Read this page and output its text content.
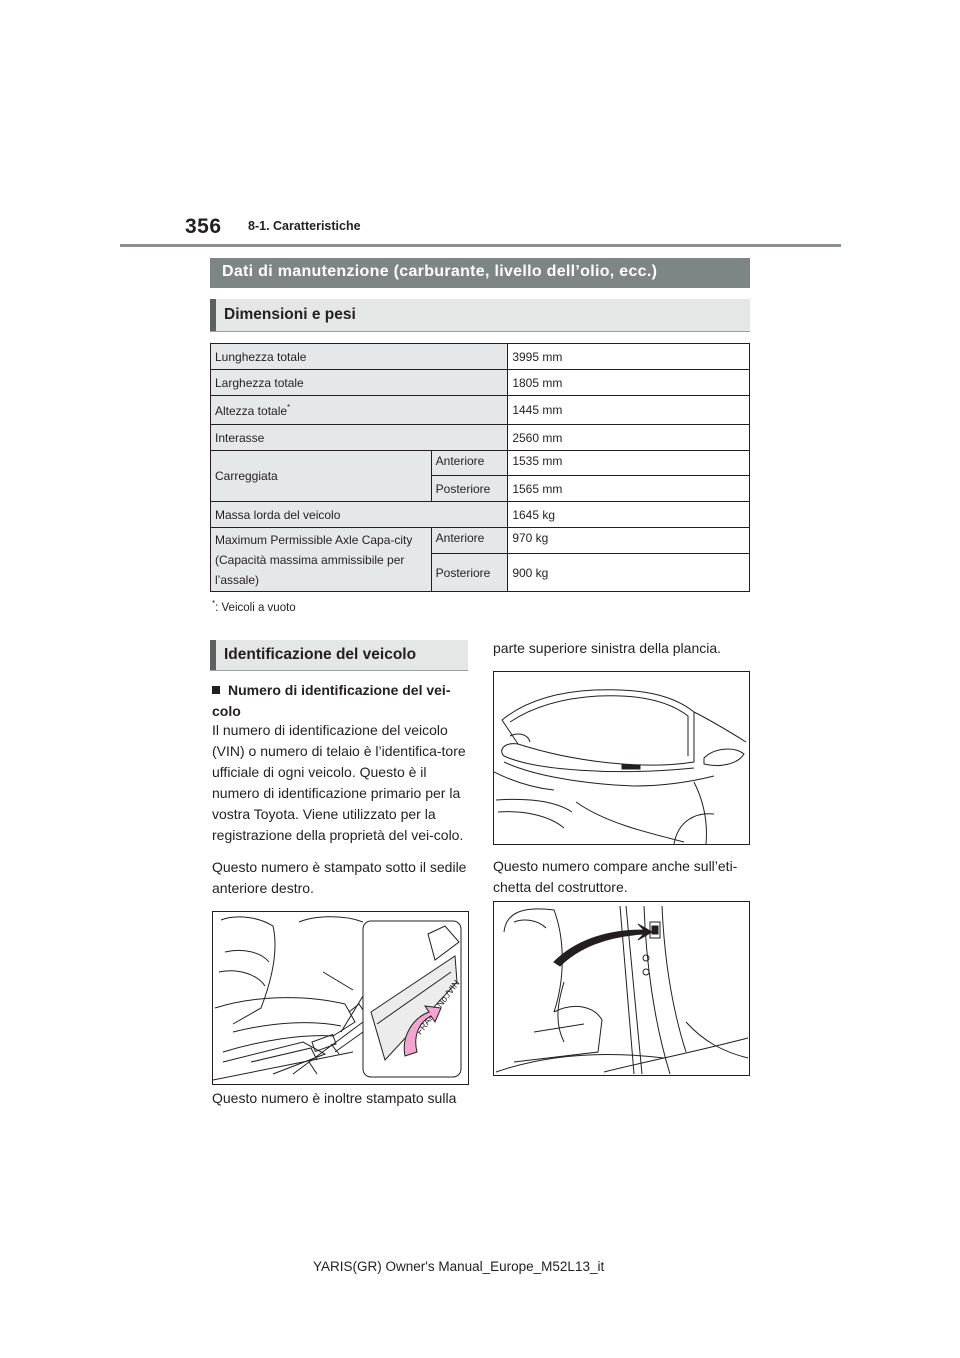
356 8-1. Caratteristiche
Dati di manutenzione (carburante, livello dell’olio, ecc.)
Dimensioni e pesi
Lunghezza totale		3995 mm
Larghezza totale		1805 mm
Altezza totale*		1445 mm
Interasse		2560 mm
Carreggiata	Anteriore	1535 mm
	Posteriore	1565 mm
Massa lorda del veicolo		1645 kg
Maximum Permissible Axle Capa-city (Capacità massima ammissibile per l’assale)	Anteriore	970 kg
	Posteriore	900 kg
*: Veicoli a vuoto
Identificazione del veicolo
Numero di identificazione del vei-colo
Il numero di identificazione del veicolo (VIN) o numero di telaio è l’identifica-tore ufficiale di ogni veicolo. Questo è il numero di identificazione primario per la vostra Toyota. Viene utilizzato per la registrazione della proprietà del vei-colo.
Questo numero è stampato sotto il sedile anteriore destro.
FRAME No./VIN
Questo numero è inoltre stampato sulla
parte superiore sinistra della plancia.
Questo numero compare anche sull’eti-chetta del costruttore.
YARIS(GR) Owner's Manual_Europe_M52L13_it
